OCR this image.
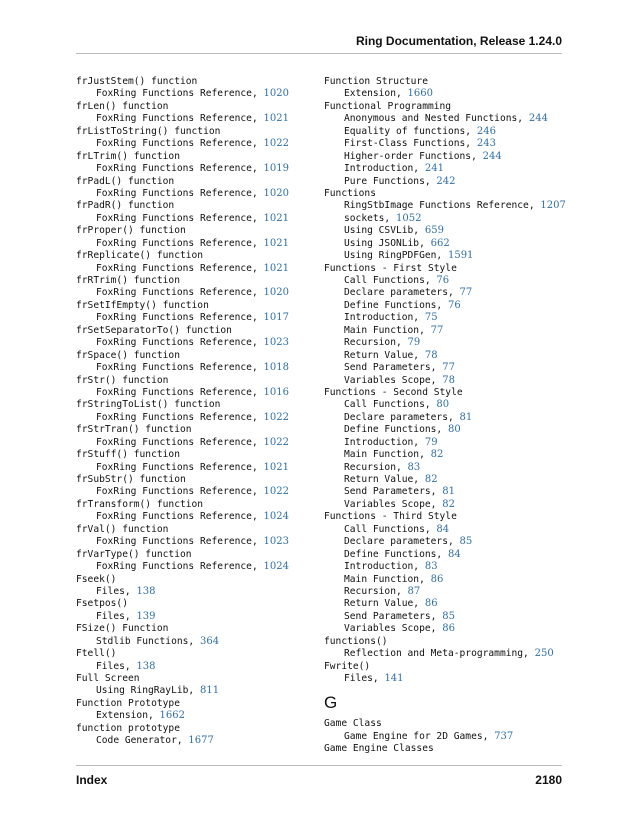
Ring Documentation, Release 1.24.0
frJustStem() function
FoxRing Functions Reference, 1020
frLen() function
FoxRing Functions Reference, 1021
frListToString() function
FoxRing Functions Reference, 1022
frLTrim() function
FoxRing Functions Reference, 1019
frPadL() function
FoxRing Functions Reference, 1020
frPadR() function
FoxRing Functions Reference, 1021
frProper() function
FoxRing Functions Reference, 1021
frReplicate() function
FoxRing Functions Reference, 1021
frRTrim() function
FoxRing Functions Reference, 1020
frSetIfEmpty() function
FoxRing Functions Reference, 1017
frSetSeparatorTo() function
FoxRing Functions Reference, 1023
frSpace() function
FoxRing Functions Reference, 1018
frStr() function
FoxRing Functions Reference, 1016
frStringToList() function
FoxRing Functions Reference, 1022
frStrTran() function
FoxRing Functions Reference, 1022
frStuff() function
FoxRing Functions Reference, 1021
frSubStr() function
FoxRing Functions Reference, 1022
frTransform() function
FoxRing Functions Reference, 1024
frVal() function
FoxRing Functions Reference, 1023
frVarType() function
FoxRing Functions Reference, 1024
Fseek()
Files, 138
Fsetpos()
Files, 139
FSize() Function
Stdlib Functions, 364
Ftell()
Files, 138
Full Screen
Using RingRayLib, 811
Function Prototype
Extension, 1662
function prototype
Code Generator, 1677
Function Structure
Extension, 1660
Functional Programming
Anonymous and Nested Functions, 244
Equality of functions, 246
First-Class Functions, 243
Higher-order Functions, 244
Introduction, 241
Pure Functions, 242
Functions
RingStbImage Functions Reference, 1207
sockets, 1052
Using CSVLib, 659
Using JSONLib, 662
Using RingPDFGen, 1591
Functions - First Style
Call Functions, 76
Declare parameters, 77
Define Functions, 76
Introduction, 75
Main Function, 77
Recursion, 79
Return Value, 78
Send Parameters, 77
Variables Scope, 78
Functions - Second Style
Call Functions, 80
Declare parameters, 81
Define Functions, 80
Introduction, 79
Main Function, 82
Recursion, 83
Return Value, 82
Send Parameters, 81
Variables Scope, 82
Functions - Third Style
Call Functions, 84
Declare parameters, 85
Define Functions, 84
Introduction, 83
Main Function, 86
Recursion, 87
Return Value, 86
Send Parameters, 85
Variables Scope, 86
functions()
Reflection and Meta-programming, 250
Fwrite()
Files, 141
G
Game Class
Game Engine for 2D Games, 737
Game Engine Classes
Index	2180
